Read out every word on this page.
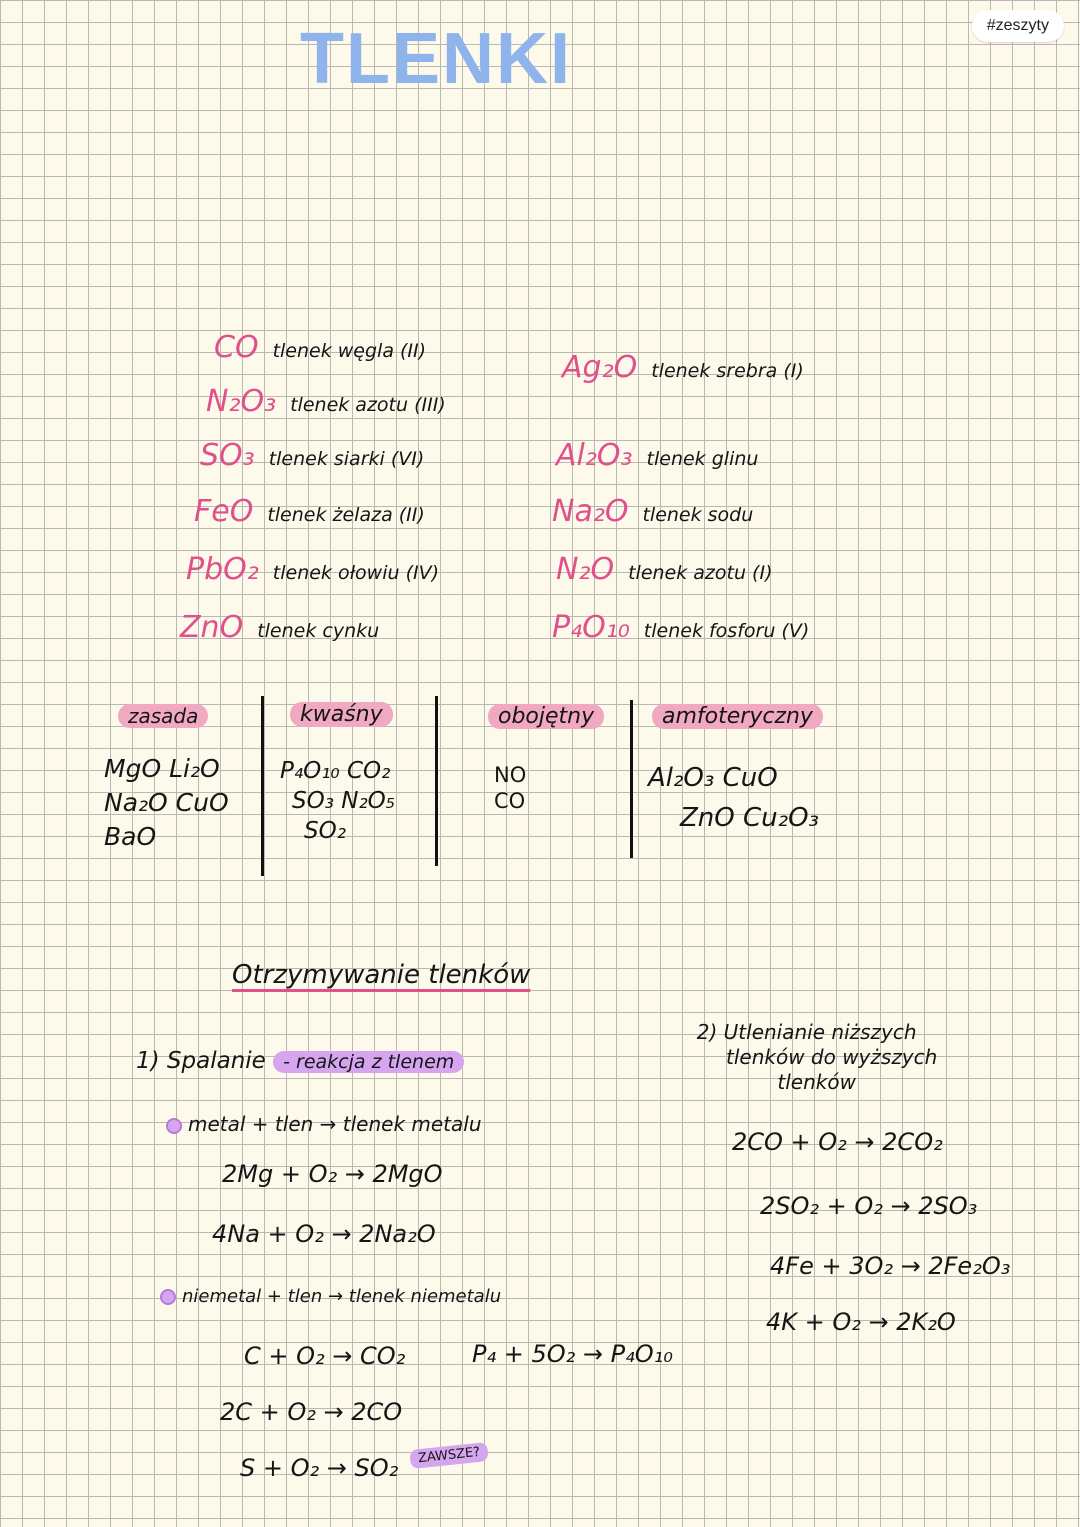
#zeszyty
TLENKI
CO tlenek węgla (II)
N₂O₃ tlenek azotu (III)
SO₃ tlenek siarki (VI)
FeO tlenek żelaza (II)
PbO₂ tlenek ołowiu (IV)
ZnO tlenek cynku
Ag₂O tlenek srebra (I)
Al₂O₃ tlenek glinu
Na₂O tlenek sodu
N₂O tlenek azotu (I)
P₄O₁₀ tlenek fosforu (V)
zasada
MgO Li₂O
Na₂O CuO
BaO
kwaśny
P₄O₁₀ CO₂
SO₃ N₂O₅
SO₂
obojętny
NO
CO
amfoteryczny
Al₂O₃ CuO
ZnO Cu₂O₃
Otrzymywanie tlenków
1) Spalanie - reakcja z tlenem
metal + tlen → tlenek metalu
2Mg + O₂ → 2MgO
4Na + O₂ → 2Na₂O
niemetal + tlen → tlenek niemetalu
C + O₂ → CO₂	P₄ + 5O₂ → P₄O₁₀
2C + O₂ → 2CO
S + O₂ → SO₂	ZAWSZE?
2) Utlenianie niższych
tlenków do wyższych
tlenków
2CO + O₂ → 2CO₂
2SO₂ + O₂ → 2SO₃
4Fe + 3O₂ → 2Fe₂O₃
4K + O₂ → 2K₂O
